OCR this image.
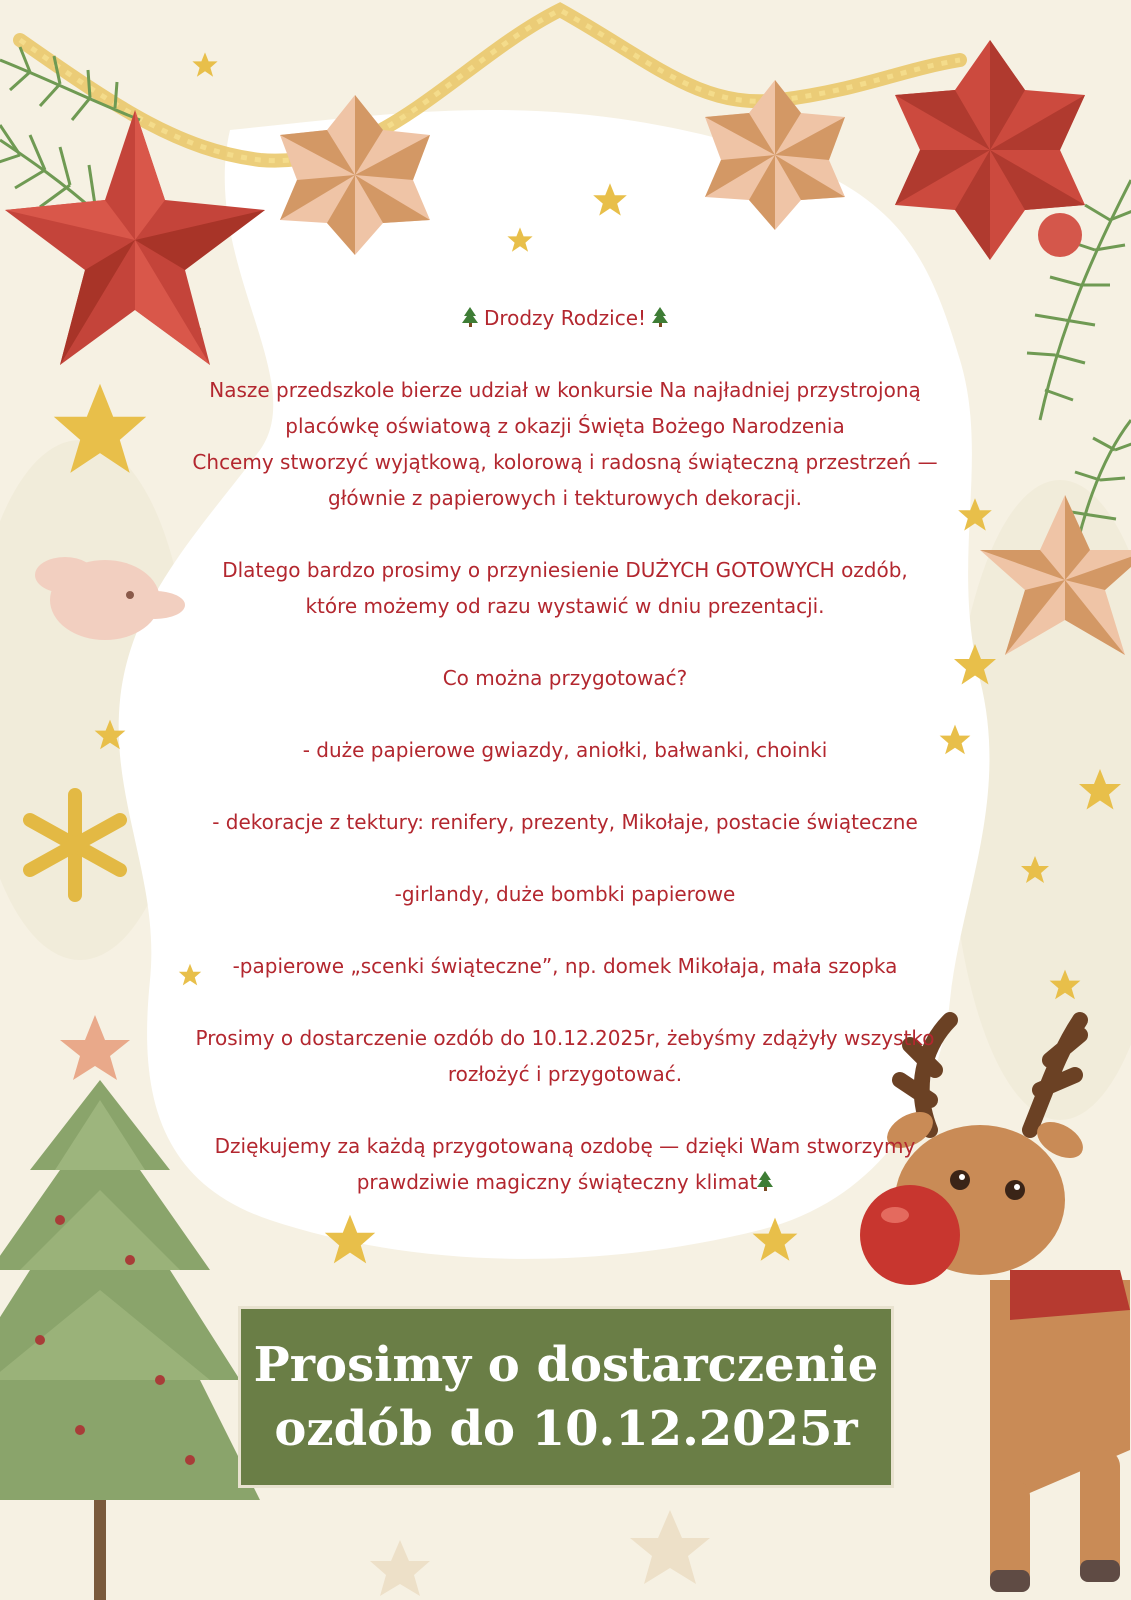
Drodzy Rodzice!

Nasze przedszkole bierze udział w konkursie Na najładniej przystrojoną

placówkę oświatową z okazji Święta Bożego Narodzenia

Chcemy stworzyć wyjątkową, kolorową i radosną świąteczną przestrzeń —

głównie z papierowych i tekturowych dekoracji.

Dlatego bardzo prosimy o przyniesienie DUŻYCH GOTOWYCH ozdób,

które możemy od razu wystawić w dniu prezentacji.

Co można przygotować?

- duże papierowe gwiazdy, aniołki, bałwanki, choinki

- dekoracje z tektury: renifery, prezenty, Mikołaje, postacie świąteczne

-girlandy, duże bombki papierowe

-papierowe „scenki świąteczne”, np. domek Mikołaja, mała szopka

Prosimy o dostarczenie ozdób do 10.12.2025r, żebyśmy zdążyły wszystko

rozłożyć i przygotować.

Dziękujemy za każdą przygotowaną ozdobę — dzięki Wam stworzymy

prawdziwie magiczny świąteczny klimat

Prosimy o dostarczenie
ozdób do 10.12.2025r
